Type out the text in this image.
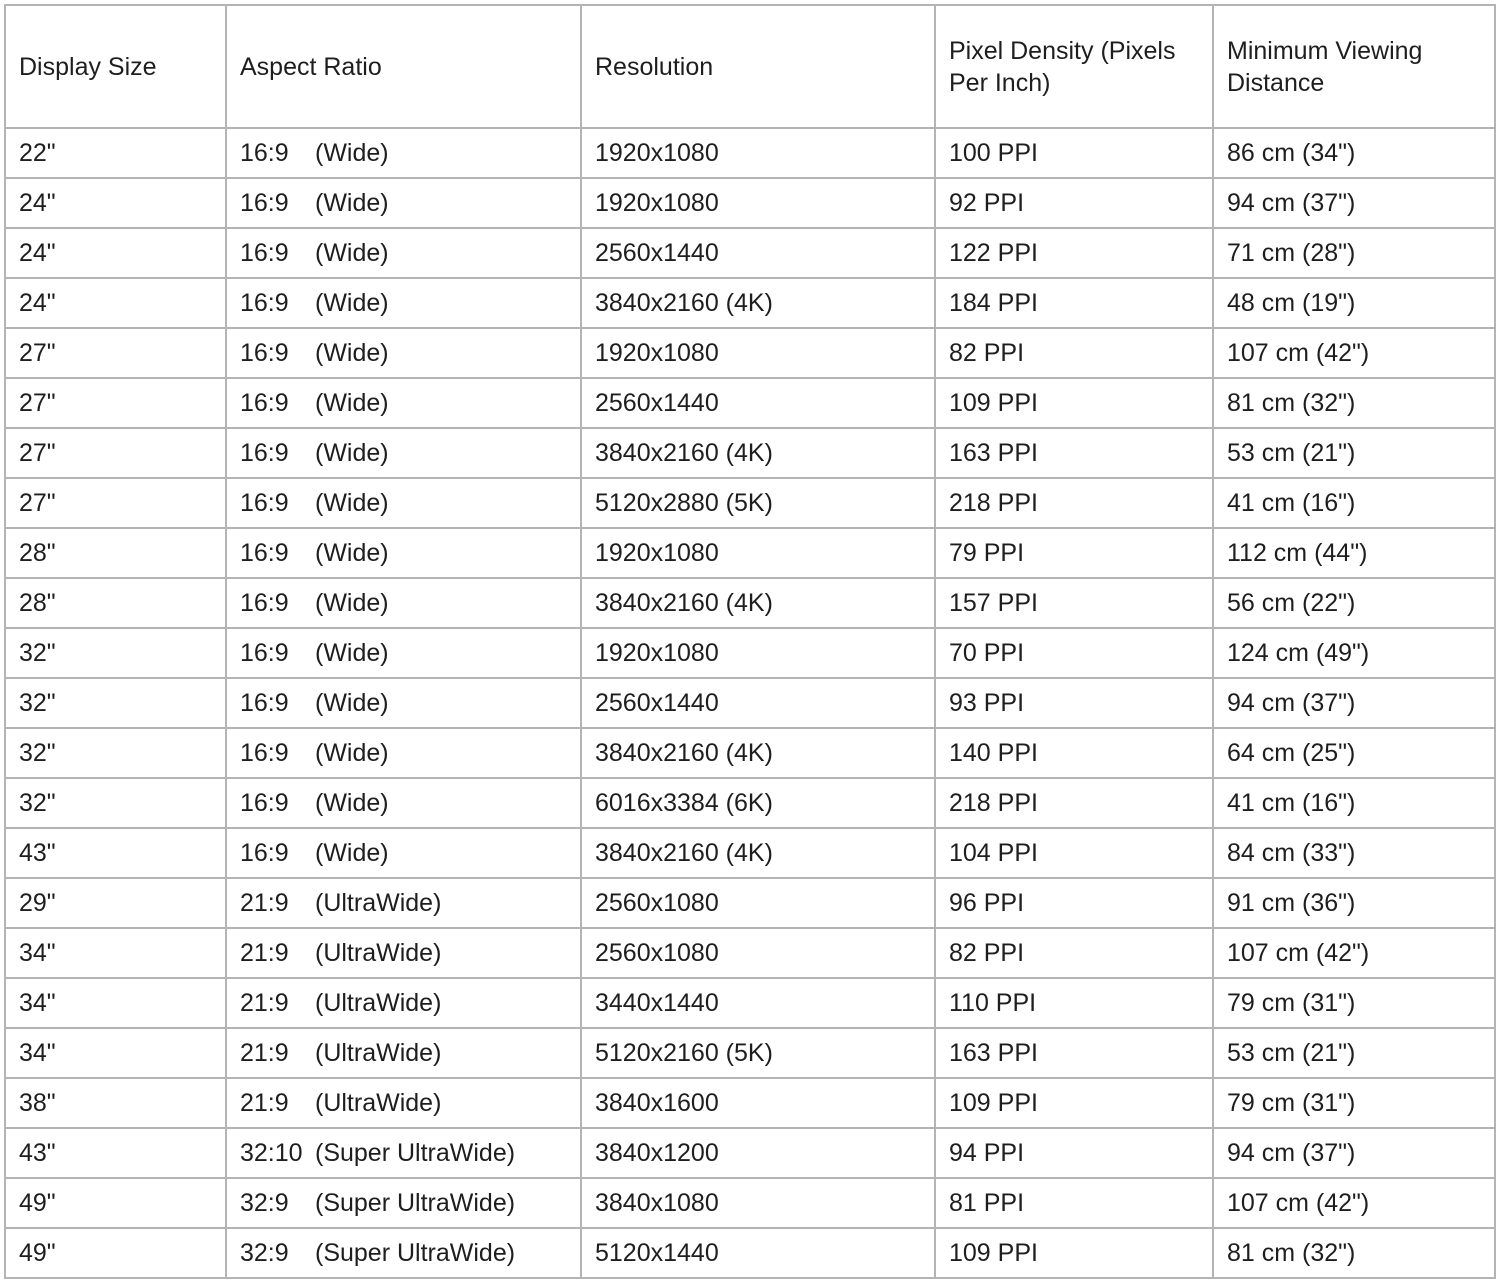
Display Size	Aspect Ratio	Resolution	Pixel Density (Pixels Per Inch)	Minimum Viewing Distance
22"	16:9 (Wide)	1920x1080	100 PPI	86 cm (34")
24"	16:9 (Wide)	1920x1080	92 PPI	94 cm (37")
24"	16:9 (Wide)	2560x1440	122 PPI	71 cm (28")
24"	16:9 (Wide)	3840x2160 (4K)	184 PPI	48 cm (19")
27"	16:9 (Wide)	1920x1080	82 PPI	107 cm (42")
27"	16:9 (Wide)	2560x1440	109 PPI	81 cm (32")
27"	16:9 (Wide)	3840x2160 (4K)	163 PPI	53 cm (21")
27"	16:9 (Wide)	5120x2880 (5K)	218 PPI	41 cm (16")
28"	16:9 (Wide)	1920x1080	79 PPI	112 cm (44")
28"	16:9 (Wide)	3840x2160 (4K)	157 PPI	56 cm (22")
32"	16:9 (Wide)	1920x1080	70 PPI	124 cm (49")
32"	16:9 (Wide)	2560x1440	93 PPI	94 cm (37")
32"	16:9 (Wide)	3840x2160 (4K)	140 PPI	64 cm (25")
32"	16:9 (Wide)	6016x3384 (6K)	218 PPI	41 cm (16")
43"	16:9 (Wide)	3840x2160 (4K)	104 PPI	84 cm (33")
29"	21:9 (UltraWide)	2560x1080	96 PPI	91 cm (36")
34"	21:9 (UltraWide)	2560x1080	82 PPI	107 cm (42")
34"	21:9 (UltraWide)	3440x1440	110 PPI	79 cm (31")
34"	21:9 (UltraWide)	5120x2160 (5K)	163 PPI	53 cm (21")
38"	21:9 (UltraWide)	3840x1600	109 PPI	79 cm (31")
43"	32:10 (Super UltraWide)	3840x1200	94 PPI	94 cm (37")
49"	32:9 (Super UltraWide)	3840x1080	81 PPI	107 cm (42")
49"	32:9 (Super UltraWide)	5120x1440	109 PPI	81 cm (32")
